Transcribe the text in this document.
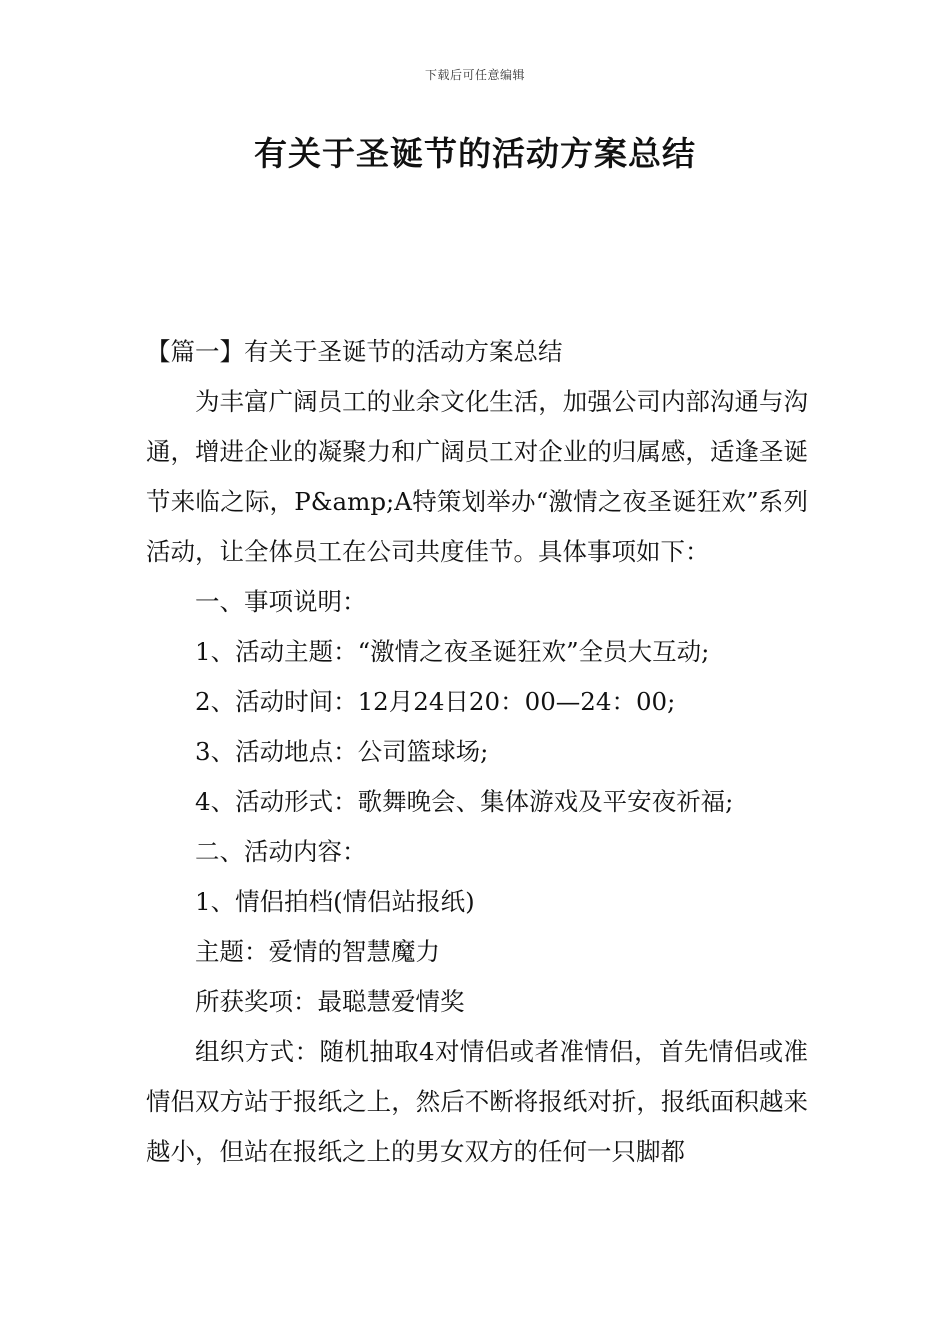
下载后可任意编辑
有关于圣诞节的活动方案总结

【篇一】有关于圣诞节的活动方案总结

为丰富广阔员工的业余文化生活，加强公司内部沟通与沟通，增进企业的凝聚力和广阔员工对企业的归属感，适逢圣诞节来临之际，P&amp;A特策划举办“激情之夜圣诞狂欢”系列活动，让全体员工在公司共度佳节。具体事项如下：

一、事项说明：

1、活动主题：“激情之夜圣诞狂欢”全员大互动;

2、活动时间：12月24日20：00—24：00;

3、活动地点：公司篮球场;

4、活动形式：歌舞晚会、集体游戏及平安夜祈福;

二、活动内容：

1、情侣拍档(情侣站报纸)

主题：爱情的智慧魔力

所获奖项：最聪慧爱情奖

组织方式：随机抽取4对情侣或者准情侣，首先情侣或准情侣双方站于报纸之上，然后不断将报纸对折，报纸面积越来越小，但站在报纸之上的男女双方的任何一只脚都
